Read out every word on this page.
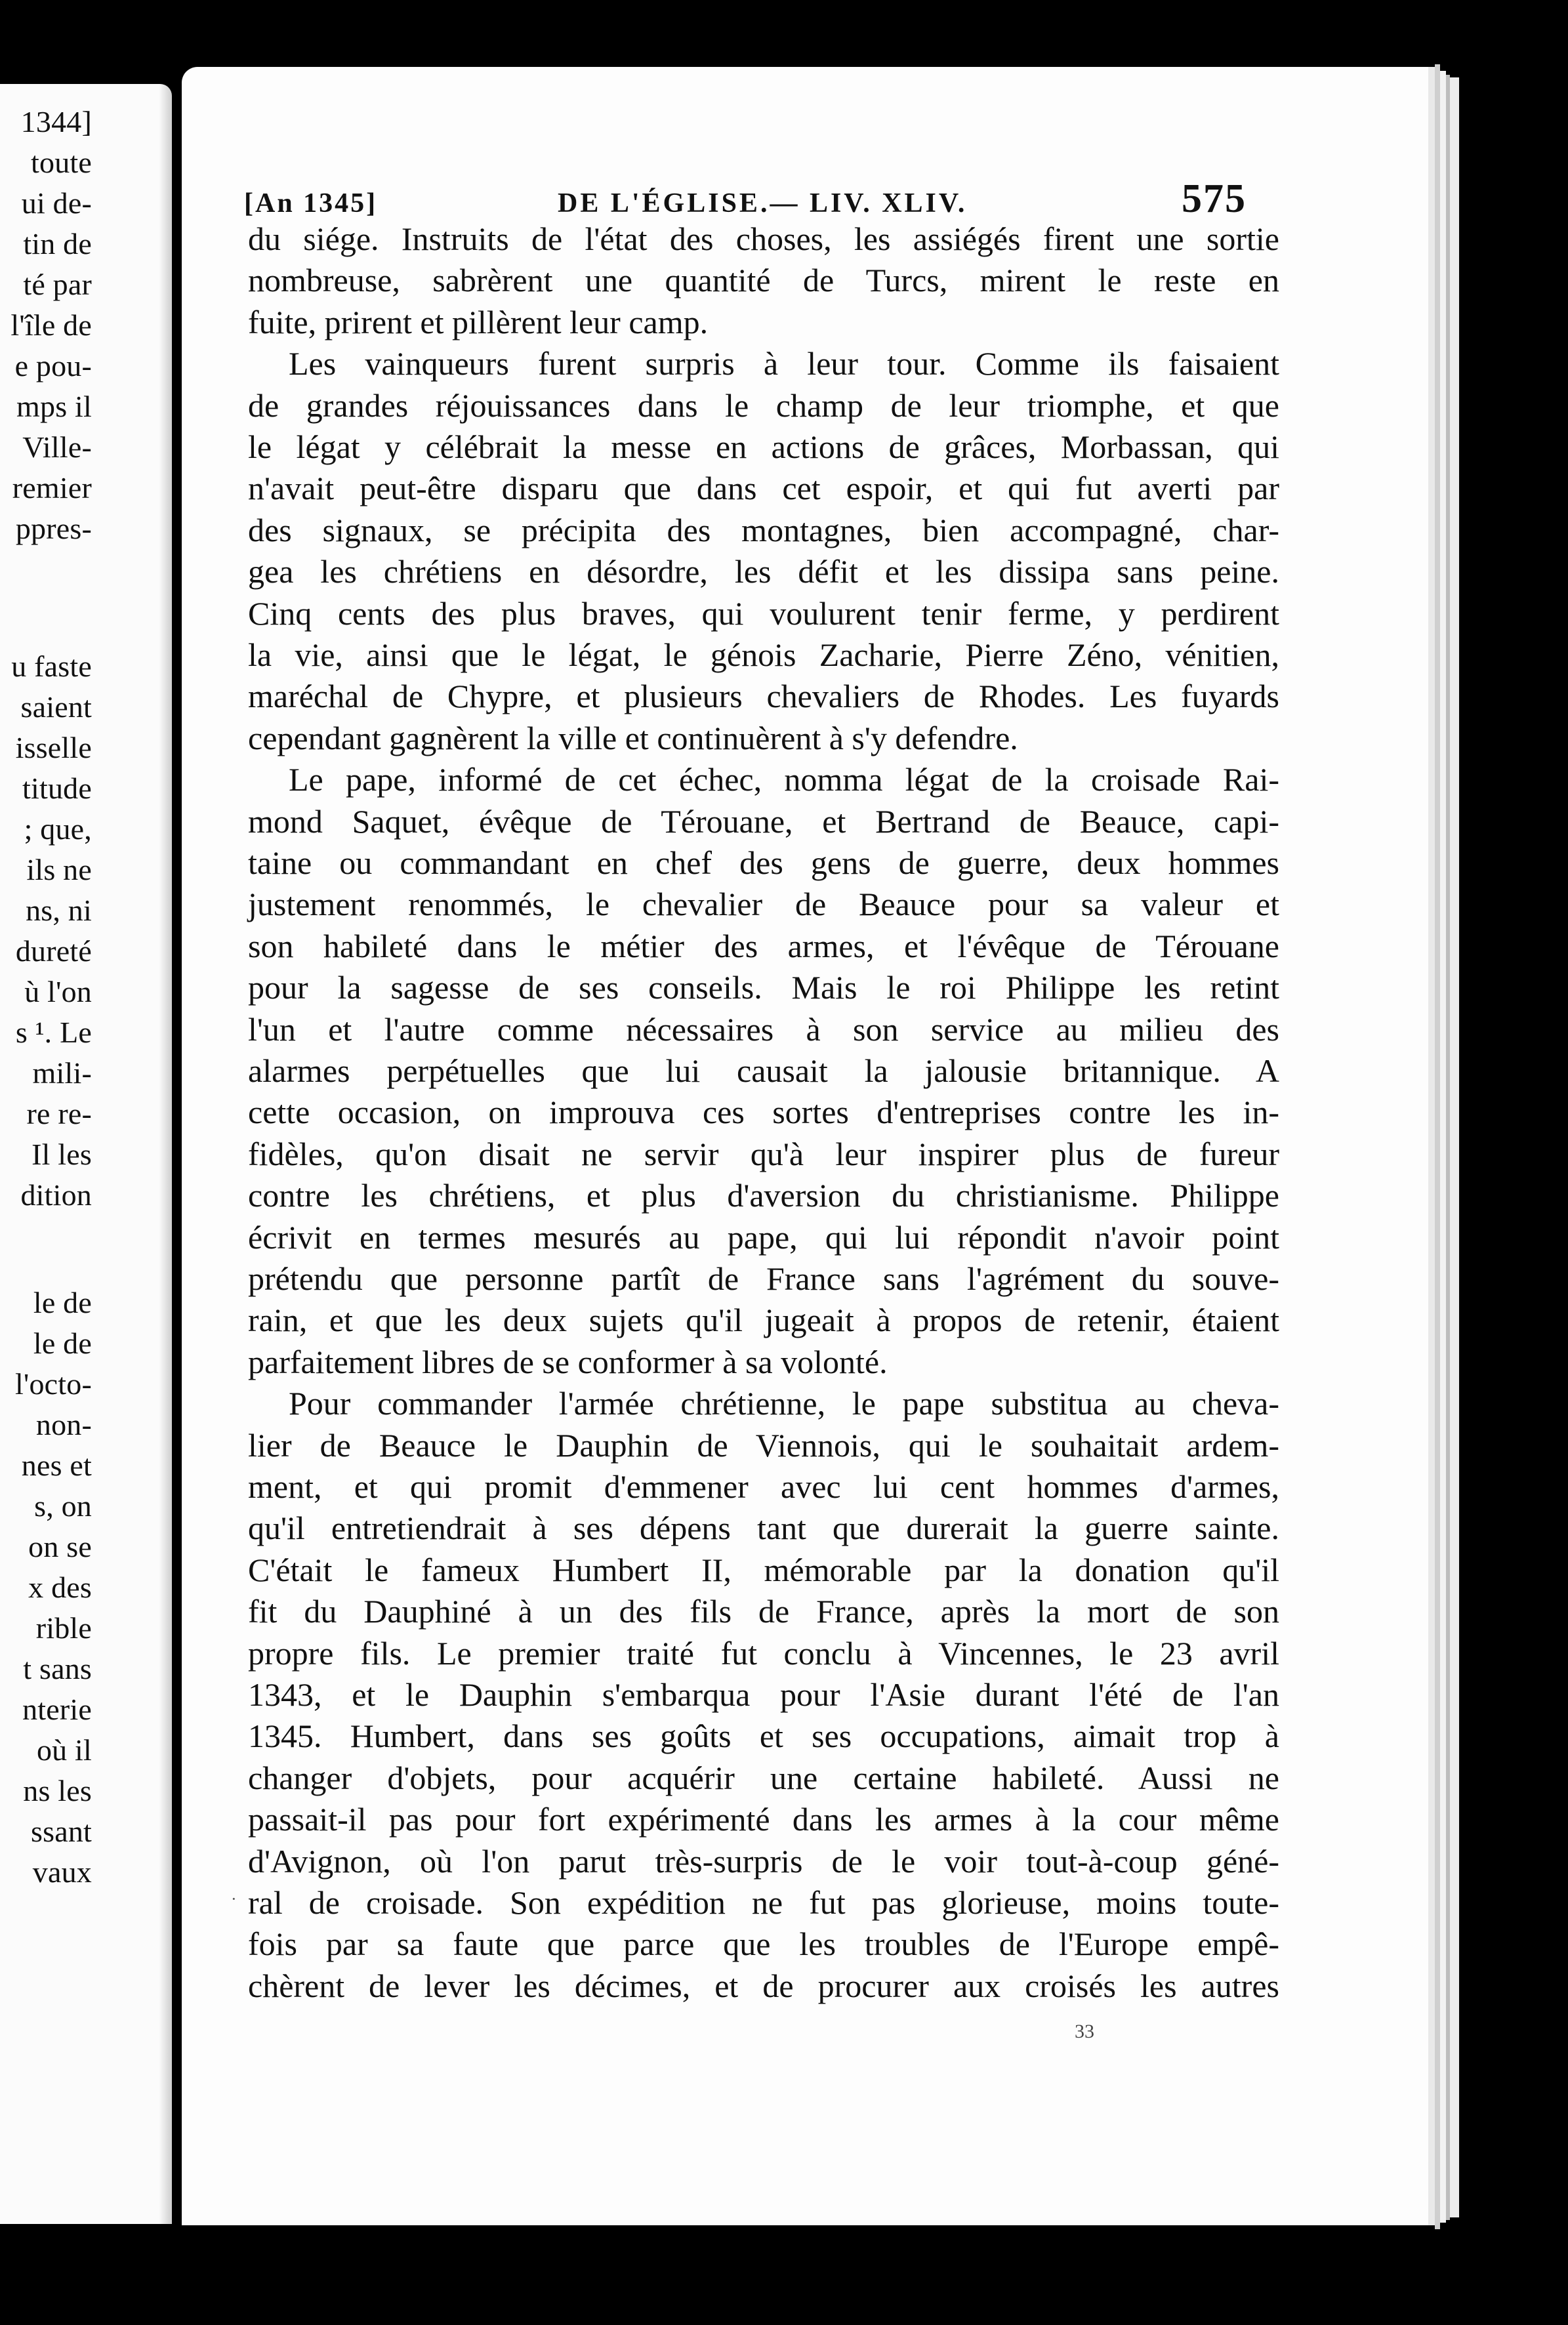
1344]
toute
ui de-
tin de
té par
l'île de
e pou-
mps il
Ville-
remier
ppres-
u faste
saient
isselle
titude
; que,
ils ne
ns, ni
dureté
ù l'on
s ¹. Le
mili-
re re-
Il les
dition
le de
le de
l'octo-
non-
nes et
s, on
on se
x des
rible
t sans
nterie
où il
ns les
ssant
vaux
[An 1345]	DE L'ÉGLISE.— LIV. XLIV.	575
du siége. Instruits de l'état des choses, les assiégés firent une sortie
nombreuse, sabrèrent une quantité de Turcs, mirent le reste en
fuite, prirent et pillèrent leur camp.
Les vainqueurs furent surpris à leur tour. Comme ils faisaient
de grandes réjouissances dans le champ de leur triomphe, et que
le légat y célébrait la messe en actions de grâces, Morbassan, qui
n'avait peut-être disparu que dans cet espoir, et qui fut averti par
des signaux, se précipita des montagnes, bien accompagné, char-
gea les chrétiens en désordre, les défit et les dissipa sans peine.
Cinq cents des plus braves, qui voulurent tenir ferme, y perdirent
la vie, ainsi que le légat, le génois Zacharie, Pierre Zéno, vénitien,
maréchal de Chypre, et plusieurs chevaliers de Rhodes. Les fuyards
cependant gagnèrent la ville et continuèrent à s'y defendre.
Le pape, informé de cet échec, nomma légat de la croisade Rai-
mond Saquet, évêque de Térouane, et Bertrand de Beauce, capi-
taine ou commandant en chef des gens de guerre, deux hommes
justement renommés, le chevalier de Beauce pour sa valeur et
son habileté dans le métier des armes, et l'évêque de Térouane
pour la sagesse de ses conseils. Mais le roi Philippe les retint
l'un et l'autre comme nécessaires à son service au milieu des
alarmes perpétuelles que lui causait la jalousie britannique. A
cette occasion, on improuva ces sortes d'entreprises contre les in-
fidèles, qu'on disait ne servir qu'à leur inspirer plus de fureur
contre les chrétiens, et plus d'aversion du christianisme. Philippe
écrivit en termes mesurés au pape, qui lui répondit n'avoir point
prétendu que personne partît de France sans l'agrément du souve-
rain, et que les deux sujets qu'il jugeait à propos de retenir, étaient
parfaitement libres de se conformer à sa volonté.
Pour commander l'armée chrétienne, le pape substitua au cheva-
lier de Beauce le Dauphin de Viennois, qui le souhaitait ardem-
ment, et qui promit d'emmener avec lui cent hommes d'armes,
qu'il entretiendrait à ses dépens tant que durerait la guerre sainte.
C'était le fameux Humbert II, mémorable par la donation qu'il
fit du Dauphiné à un des fils de France, après la mort de son
propre fils. Le premier traité fut conclu à Vincennes, le 23 avril
1343, et le Dauphin s'embarqua pour l'Asie durant l'été de l'an
1345. Humbert, dans ses goûts et ses occupations, aimait trop à
changer d'objets, pour acquérir une certaine habileté. Aussi ne
passait-il pas pour fort expérimenté dans les armes à la cour même
d'Avignon, où l'on parut très-surpris de le voir tout-à-coup géné-
ral de croisade. Son expédition ne fut pas glorieuse, moins toute-
fois par sa faute que parce que les troubles de l'Europe empê-
chèrent de lever les décimes, et de procurer aux croisés les autres
·
33
